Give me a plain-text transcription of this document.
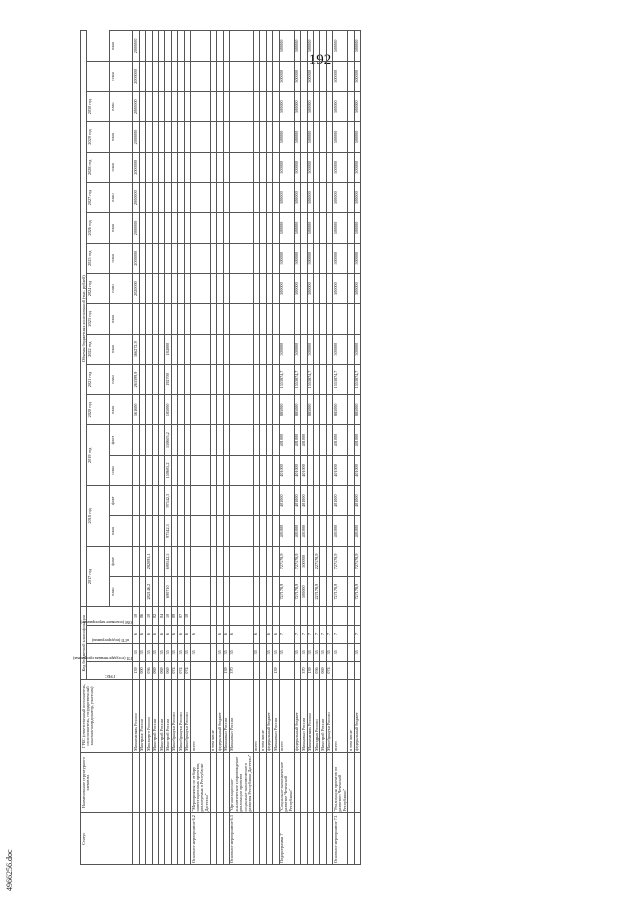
192
4966256.doc
Статус	Наименование структурного элемента	ГРБС (ответственный исполнитель, соисполнитель, государственный заказчик-координатор, участник)	Код бюджетной классификации				Объемы бюджетных ассигнований (тыс. рублей)																		

			ГРБС	ГП (государственная программа)	пГП (подпрограмма)	ОМ (основное мероприятие)	2017 год		2018 год		2019 год		2020 год	2021 год	2022 год	2023 год	2024 год	2025 год	2026 год	2027 год	2028 год	2029 год	2030 год		
							план	факт	план	факт	план	факт	план	план	план	план	план	план	план	план	план	план	план	план	план
		Минкомсвязь России	139	35	6	10							561600	263399,9	166272,9		2020000	2000000	2000000	2000000	2000000	2000000	2000000	2000000	2000000
		Минтранс России	000	35	6	06																			
		Минэнерго России	036	35	6	10	282146,2	282095,1																	
		Минстрой России	069	35	6	02																			
		Минстрой России	069	35	6	04																			
		Минстрой России	069	35	6	10	690710	690542,5	97542,3	97542,3	150605,2	150605,2	185000	192700	184000										
		Минобрнауки России	074	35	6	09																			
		Минобрнауки России	074	35	6	07																			
		Минобрнауки России	074	35	6	10																			
Основное мероприятие 6.2	"Мероприятия по отбору инвестиционных проектов, реализуемых в Республике Дагестан"	всего		35	6																				
		в том числе																							
		федеральный бюджет		35	6																				
		Минкавказ России	139	35	6																				
Основное мероприятие 6.3	"Организационно-аналитическое сопровождение реализации проектов социально-экономического развития Республики Дагестан"	Минкавказ России	370	35	6																				
		всего		35	6																				
		в том числе																							
		федеральный бюджет		35	6																				
		Минкавказ России	139	35	6																				
Подпрограмма 7	"Социально-экономическое развитие Чеченской Республики"	всего		35	7		727178,9	727178,9	401000	401000	401000	401000	885000	1553874,7	500000		500000	500000	500000	500000	500000	500000	500000	500000	500000
		федеральный бюджет		35	7		727178,9	727178,9	401000	401000	401000	401000	885000	1553874,7	500000		500000	500000	500000	500000	500000	500000	500000	500000	500000
		Минкавказ России	370	35	7		500000	500000	401000	401000	401000	401000													
		Минкомсвязь России	139	35	7								885000	1553874,7	500000		500000	500000	500000	500000	500000	500000	500000	500000	500000
		Минздрав России	056	35	7		227178,9	227178,9																	
		Минстрой России	069	35	7																				
		Минобрнауки России	074	35	7																				
Основное мероприятие 7.1	"Реализация проектов по развитию Чеченской Республики"	всего		35	7		727178,9	727178,9	401000	401000	401000	401000	885000	1553874,7	500000		500000	500000	500000	500000	500000	500000	500000	500000	500000
		в том числе																							
		федеральный бюджет		35	7		727178,9	727178,9	401000	401000	401000	401000	885000	1553874,7	500000		500000	500000	500000	500000	500000	500000	500000	500000	500000
